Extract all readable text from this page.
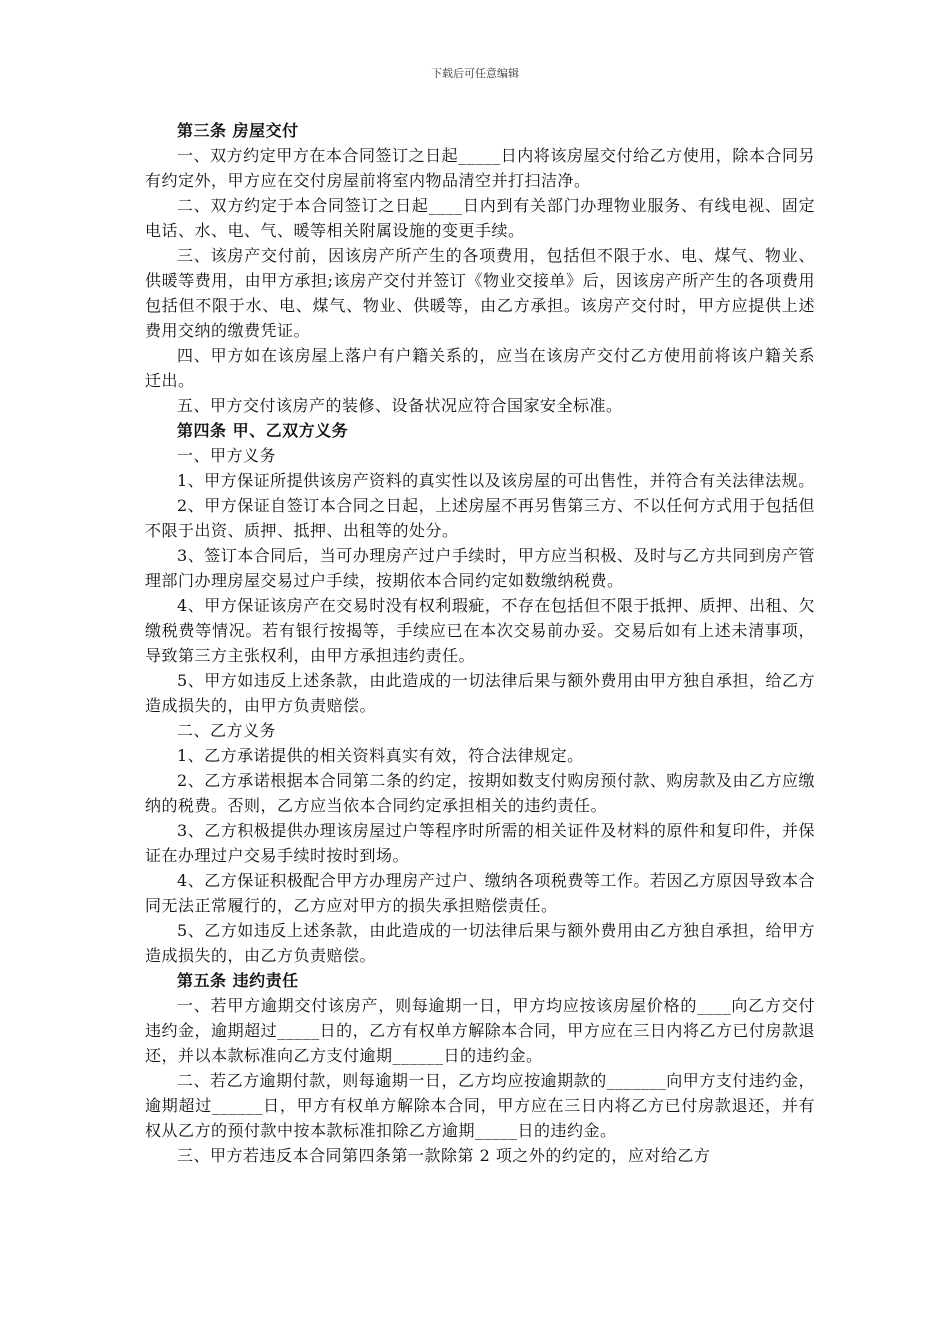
下载后可任意编辑

第三条 房屋交付

一、双方约定甲方在本合同签订之日起_____日内将该房屋交付给乙方使用，除本合同另有约定外，甲方应在交付房屋前将室内物品清空并打扫洁净。

二、双方约定于本合同签订之日起____日内到有关部门办理物业服务、有线电视、固定电话、水、电、气、暖等相关附属设施的变更手续。

三、该房产交付前，因该房产所产生的各项费用，包括但不限于水、电、煤气、物业、供暖等费用，由甲方承担;该房产交付并签订《物业交接单》后，因该房产所产生的各项费用包括但不限于水、电、煤气、物业、供暖等，由乙方承担。该房产交付时，甲方应提供上述费用交纳的缴费凭证。

四、甲方如在该房屋上落户有户籍关系的，应当在该房产交付乙方使用前将该户籍关系迁出。

五、甲方交付该房产的装修、设备状况应符合国家安全标准。

第四条 甲、乙双方义务

一、甲方义务

1、甲方保证所提供该房产资料的真实性以及该房屋的可出售性，并符合有关法律法规。

2、甲方保证自签订本合同之日起，上述房屋不再另售第三方、不以任何方式用于包括但不限于出资、质押、抵押、出租等的处分。

3、签订本合同后，当可办理房产过户手续时，甲方应当积极、及时与乙方共同到房产管理部门办理房屋交易过户手续，按期依本合同约定如数缴纳税费。

4、甲方保证该房产在交易时没有权利瑕疵，不存在包括但不限于抵押、质押、出租、欠缴税费等情况。若有银行按揭等，手续应已在本次交易前办妥。交易后如有上述未清事项，导致第三方主张权利，由甲方承担违约责任。

5、甲方如违反上述条款，由此造成的一切法律后果与额外费用由甲方独自承担，给乙方造成损失的，由甲方负责赔偿。

二、乙方义务

1、乙方承诺提供的相关资料真实有效，符合法律规定。

2、乙方承诺根据本合同第二条的约定，按期如数支付购房预付款、购房款及由乙方应缴纳的税费。否则，乙方应当依本合同约定承担相关的违约责任。

3、乙方积极提供办理该房屋过户等程序时所需的相关证件及材料的原件和复印件，并保证在办理过户交易手续时按时到场。

4、乙方保证积极配合甲方办理房产过户、缴纳各项税费等工作。若因乙方原因导致本合同无法正常履行的，乙方应对甲方的损失承担赔偿责任。

5、乙方如违反上述条款，由此造成的一切法律后果与额外费用由乙方独自承担，给甲方造成损失的，由乙方负责赔偿。

第五条 违约责任

一、若甲方逾期交付该房产，则每逾期一日，甲方均应按该房屋价格的____向乙方交付违约金，逾期超过_____日的，乙方有权单方解除本合同，甲方应在三日内将乙方已付房款退还，并以本款标准向乙方支付逾期______日的违约金。

二、若乙方逾期付款，则每逾期一日，乙方均应按逾期款的_______向甲方支付违约金，逾期超过______日，甲方有权单方解除本合同，甲方应在三日内将乙方已付房款退还，并有权从乙方的预付款中按本款标准扣除乙方逾期_____日的违约金。

三、甲方若违反本合同第四条第一款除第 2 项之外的约定的，应对给乙方
